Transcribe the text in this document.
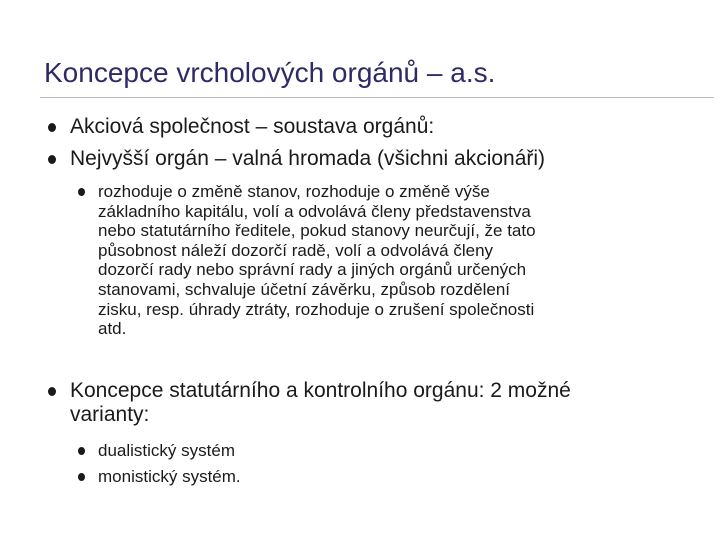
Koncepce vrcholových orgánů – a.s.
Akciová společnost – soustava orgánů:
Nejvyšší orgán – valná hromada (všichni akcionáři)
rozhoduje o změně stanov, rozhoduje o změně výše
základního kapitálu, volí a odvolává členy představenstva
nebo statutárního ředitele, pokud stanovy neurčují, že tato
působnost náleží dozorčí radě, volí a odvolává členy
dozorčí rady nebo správní rady a jiných orgánů určených
stanovami, schvaluje účetní závěrku, způsob rozdělení
zisku, resp. úhrady ztráty, rozhoduje o zrušení společnosti
atd.
Koncepce statutárního a kontrolního orgánu: 2 možné varianty:
dualistický systém
monistický systém.
